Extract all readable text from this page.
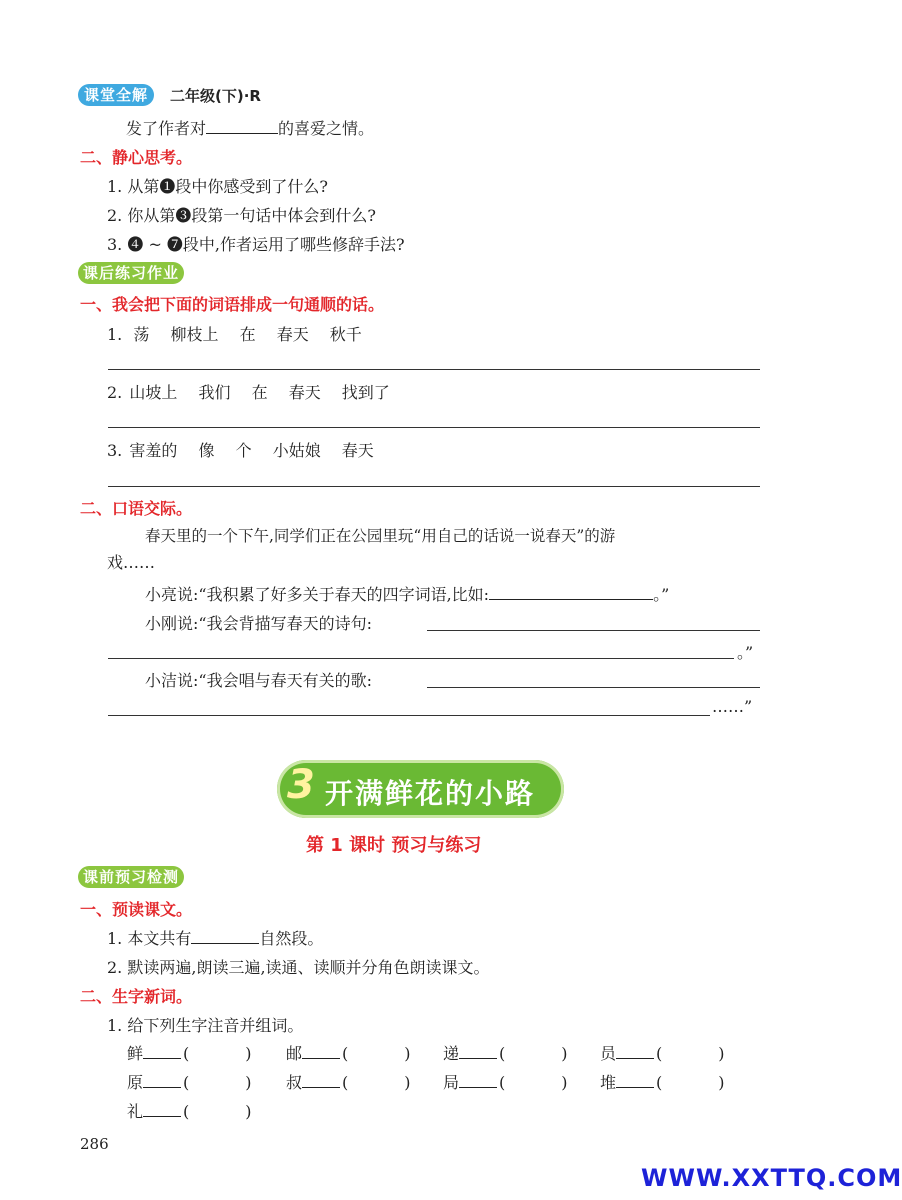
课堂全解	二年级(下)·R
发了作者对	的喜爱之情。
二、静心思考。
1. 从第❶段中你感受到了什么?
2. 你从第❸段第一句话中体会到什么?
3. ❹ ~ ❼段中,作者运用了哪些修辞手法?
课后练习作业
一、我会把下面的词语排成一句通顺的话。
1. 荡 柳枝上 在 春天 秋千
2. 山坡上 我们 在 春天 找到了
3. 害羞的 像 个 小姑娘 春天
二、口语交际。
春天里的一个下午,同学们正在公园里玩“用自己的话说一说春天”的游
戏……
小亮说:“我积累了好多关于春天的四字词语,比如:	。”
小刚说:“我会背描写春天的诗句:
。”
小洁说:“我会唱与春天有关的歌:
……”
3 开满鲜花的小路
第 1 课时 预习与练习
课前预习检测
一、预读课文。
1. 本文共有	自然段。
2. 默读两遍,朗读三遍,读通、读顺并分角色朗读课文。
二、生字新词。
1. 给下列生字注音并组词。
鲜	(	) 邮	(	) 递	(	) 员	(	)
原	(	) 叔	(	) 局	(	) 堆	(	)
礼	(	)
286
WWW.XXTTQ.COM
